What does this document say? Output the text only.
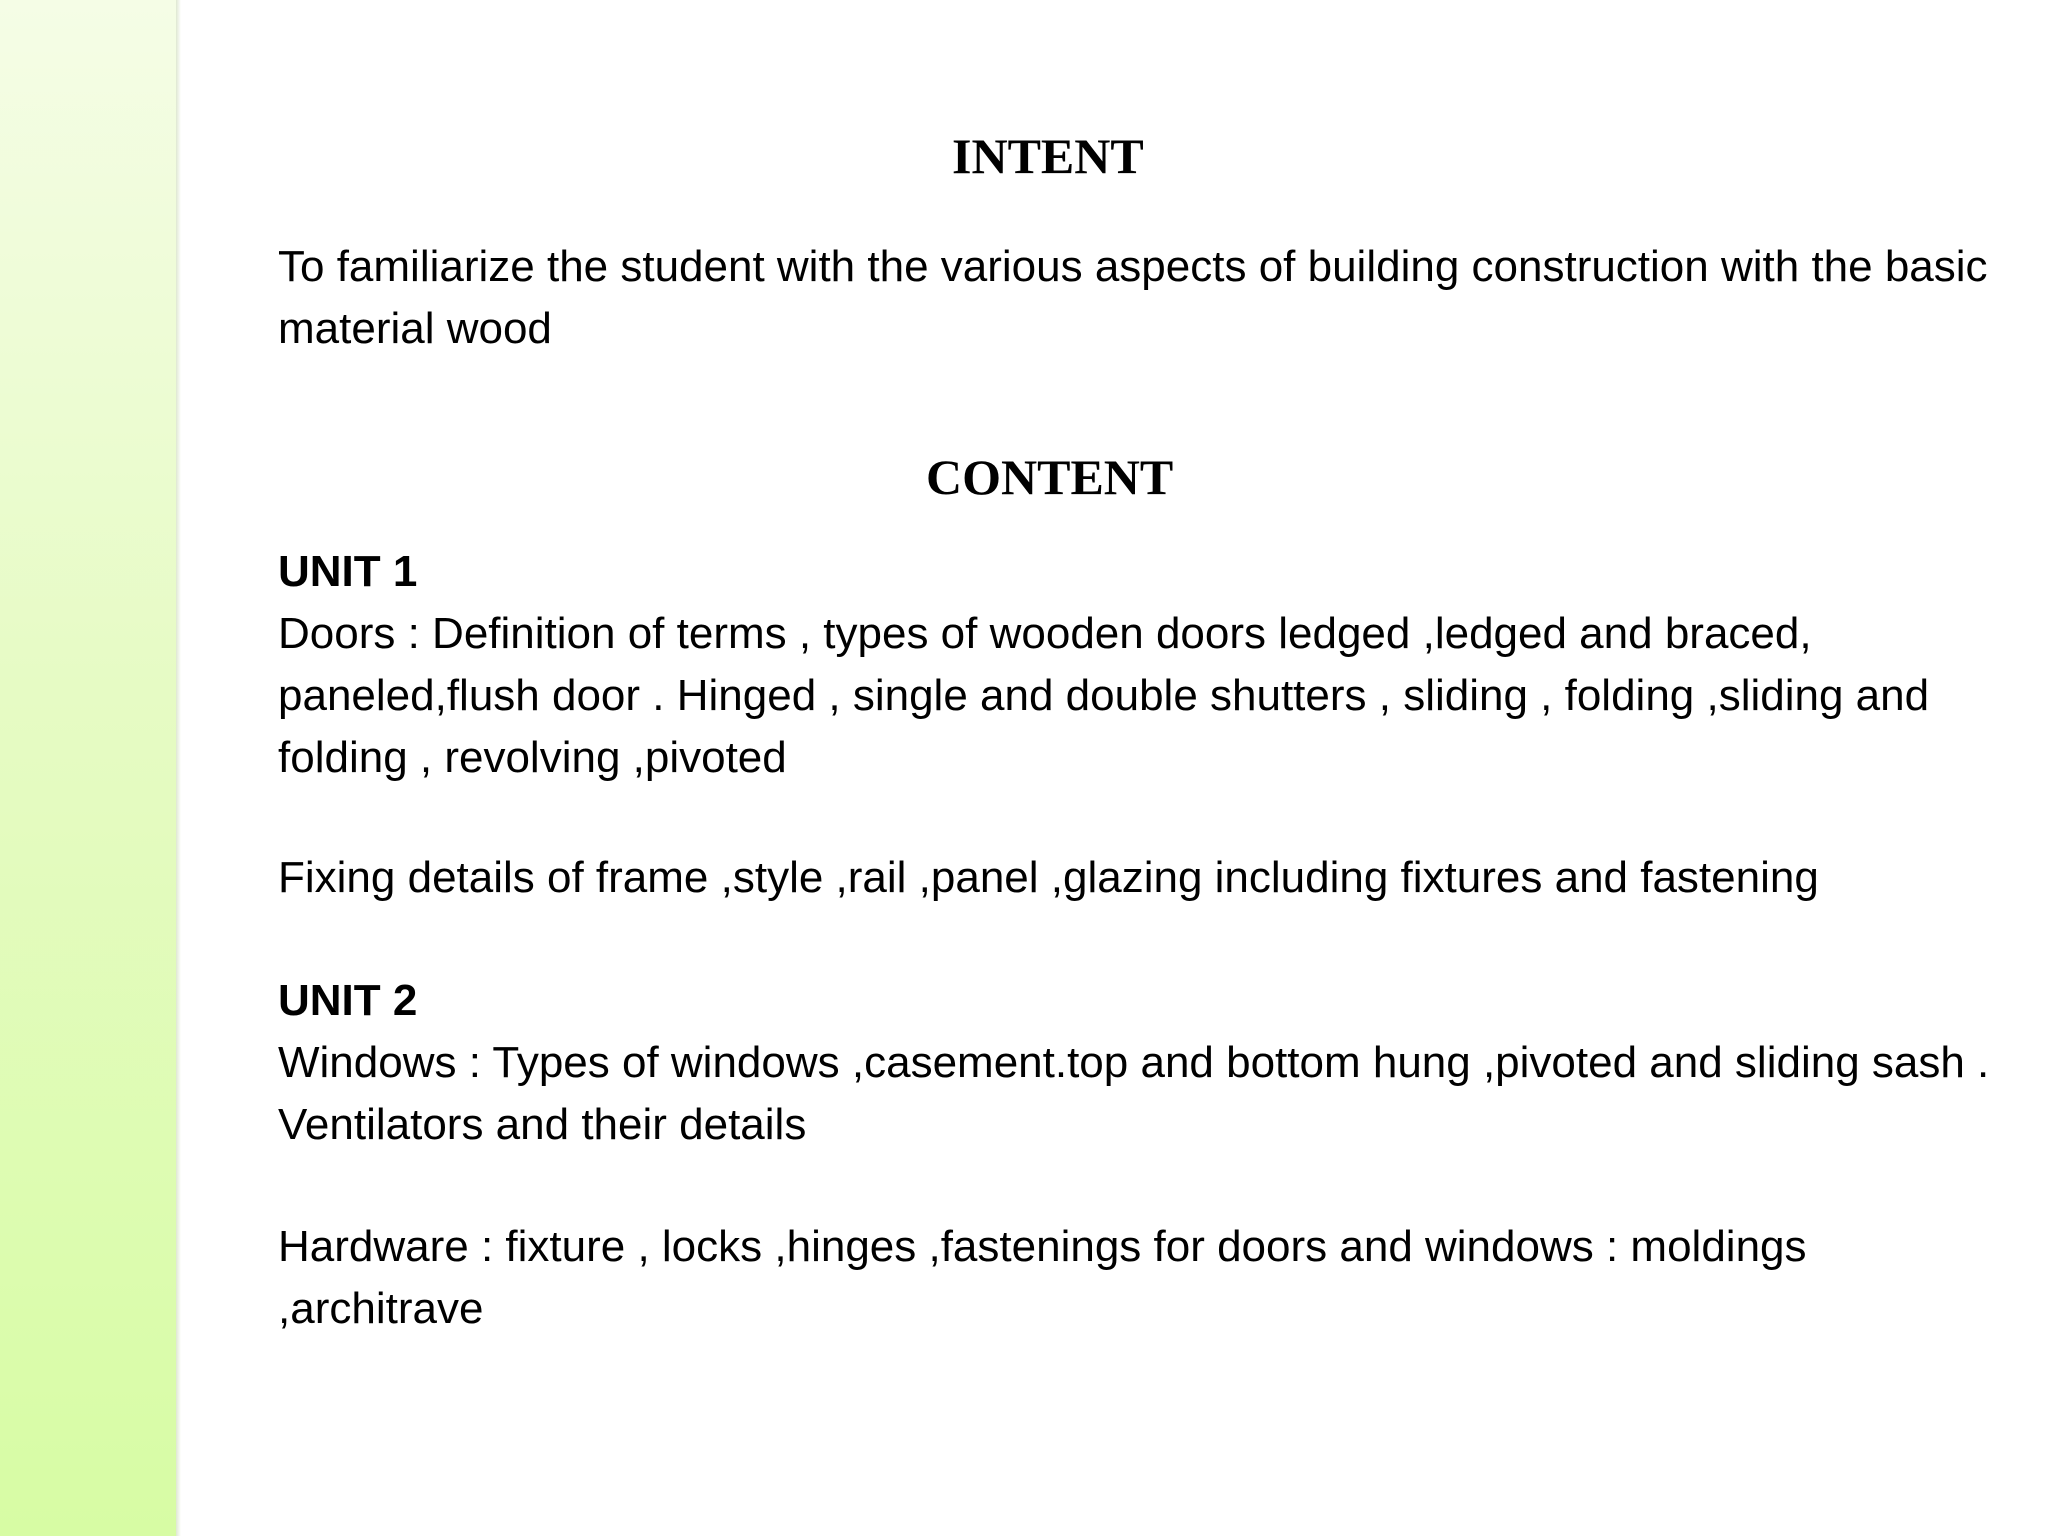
INTENT

To familiarize the student with the various aspects of building construction with the basic material wood

CONTENT
UNIT 1
Doors : Definition of terms , types of wooden doors ledged ,ledged and braced, paneled,flush door . Hinged , single and double shutters , sliding , folding ,sliding and folding , revolving ,pivoted

Fixing details of frame ,style ,rail ,panel ,glazing including fixtures and fastening

UNIT 2
Windows : Types of windows ,casement.top and bottom hung ,pivoted and sliding sash . Ventilators and their details

Hardware : fixture , locks ,hinges ,fastenings for doors and windows : moldings ,architrave
